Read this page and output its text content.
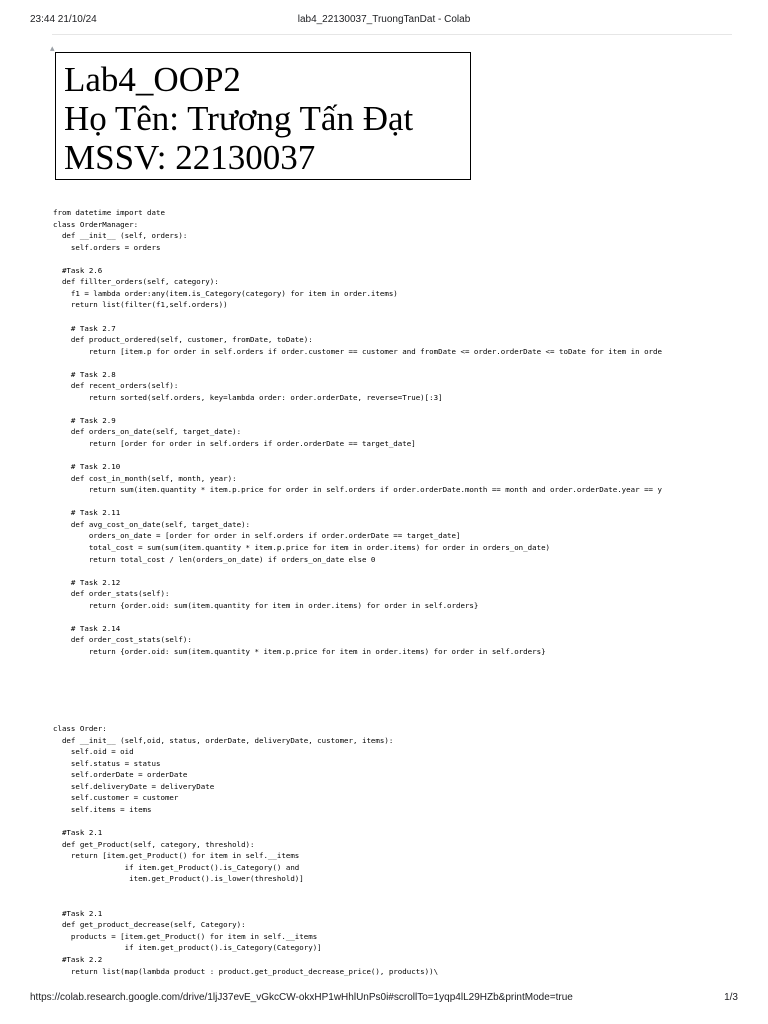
23:44 21/10/24	lab4_22130037_TruongTanDat - Colab
▴
Lab4_OOP2
Họ Tên: Trương Tấn Đạt
MSSV: 22130037
from datetime import date
class OrderManager:
def __init__ (self, orders):
self.orders = orders
#Task 2.6
def fillter_orders(self, category):
f1 = lambda order:any(item.is_Category(category) for item in order.items)
return list(filter(f1,self.orders))
# Task 2.7
def product_ordered(self, customer, fromDate, toDate):
return [item.p for order in self.orders if order.customer == customer and fromDate <= order.orderDate <= toDate for item in orde
# Task 2.8
def recent_orders(self):
return sorted(self.orders, key=lambda order: order.orderDate, reverse=True)[:3]
# Task 2.9
def orders_on_date(self, target_date):
return [order for order in self.orders if order.orderDate == target_date]
# Task 2.10
def cost_in_month(self, month, year):
return sum(item.quantity * item.p.price for order in self.orders if order.orderDate.month == month and order.orderDate.year == y
# Task 2.11
def avg_cost_on_date(self, target_date):
orders_on_date = [order for order in self.orders if order.orderDate == target_date]
total_cost = sum(sum(item.quantity * item.p.price for item in order.items) for order in orders_on_date)
return total_cost / len(orders_on_date) if orders_on_date else 0
# Task 2.12
def order_stats(self):
return {order.oid: sum(item.quantity for item in order.items) for order in self.orders}
# Task 2.14
def order_cost_stats(self):
return {order.oid: sum(item.quantity * item.p.price for item in order.items) for order in self.orders}
class Order:
def __init__ (self,oid, status, orderDate, deliveryDate, customer, items):
self.oid = oid
self.status = status
self.orderDate = orderDate
self.deliveryDate = deliveryDate
self.customer = customer
self.items = items
#Task 2.1
def get_Product(self, category, threshold):
return [item.get_Product() for item in self.__items
if item.get_Product().is_Category() and
item.get_Product().is_lower(threshold)]
#Task 2.1
def get_product_decrease(self, Category):
products = [item.get_Product() for item in self.__items
if item.get_product().is_Category(Category)]
#Task 2.2
return list(map(lambda product : product.get_product_decrease_price(), products))\
https://colab.research.google.com/drive/1ljJ37evE_vGkcCW-okxHP1wHhlUnPs0i#scrollTo=1yqp4lL29HZb&printMode=true	1/3
